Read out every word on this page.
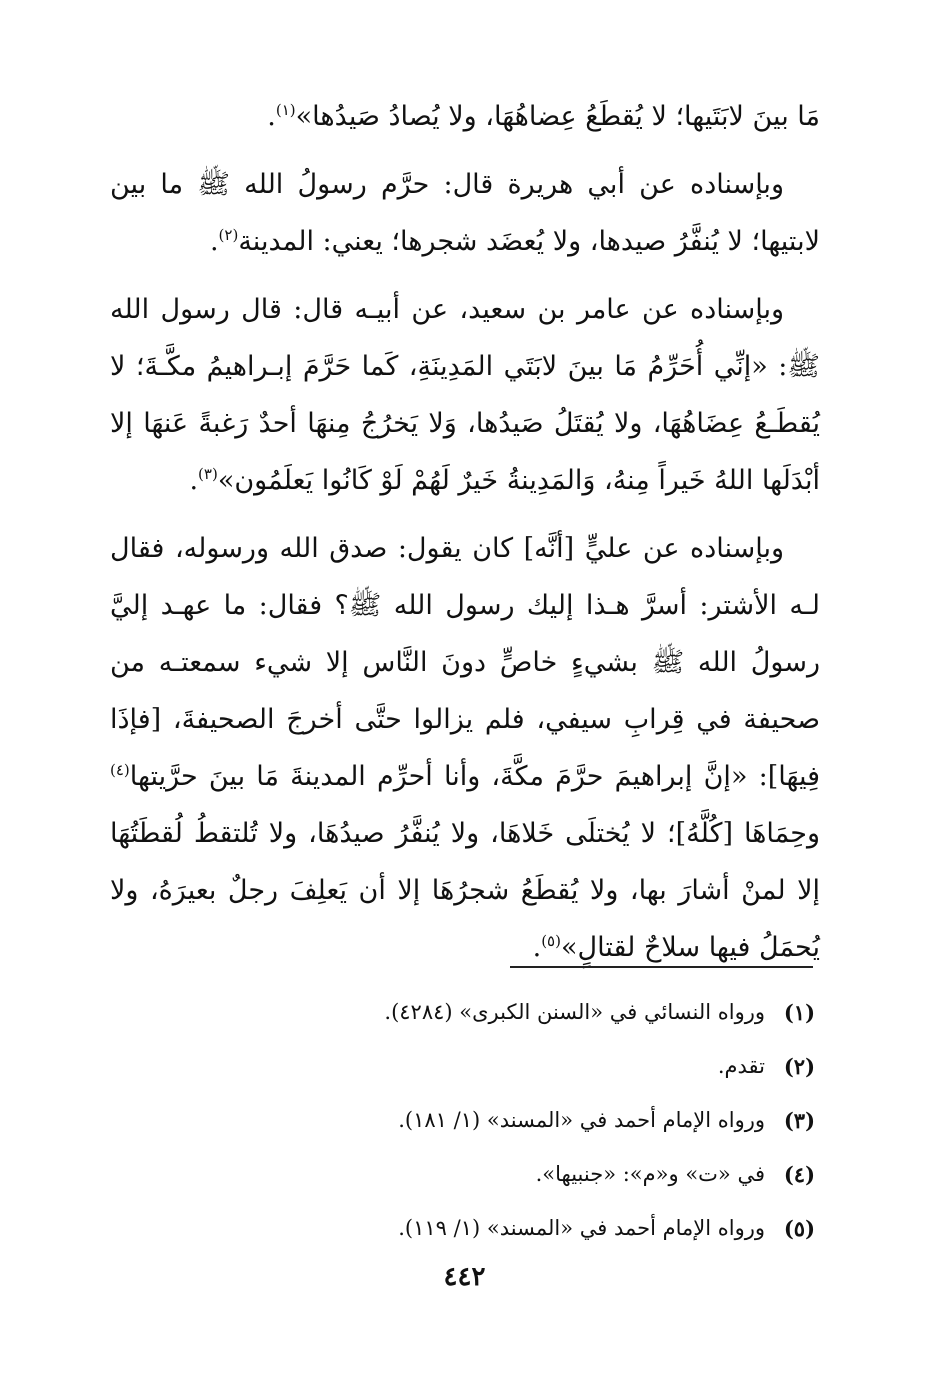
مَا بينَ لابَتَيها؛ لا يُقطَعُ عِضاهُهَا، ولا يُصادُ صَيدُها»$^{(١)}$.

وبإسناده عن أبي هريرة قال: حرَّم رسولُ الله ﷺ ما بين لابتيها؛ لا يُنفَّرُ صيدها، ولا يُعضَد شجرها؛ يعني: المدينة$^{(٢)}$.

وبإسناده عن عامر بن سعيد، عن أبيـه قال: قال رسول الله ﷺ: «إنِّي أُحَرِّمُ مَا بينَ لابَتَي المَدِينَةِ، كَما حَرَّمَ إبـراهيمُ مكَّـةَ؛ لا يُقطَـعُ عِضَاهُهَا، ولا يُقتَلُ صَيدُها، وَلا يَخرُجُ مِنهَا أحدٌ رَغبةً عَنهَا إلا أبْدَلَها اللهُ خَيراً مِنهُ، وَالمَدِينةُ خَيرٌ لَهُمْ لَوْ كَانُوا يَعلَمُون»$^{(٣)}$.

وبإسناده عن عليٍّ [أنَّه] كان يقول: صدق الله ورسوله، فقال لـه الأشتر: أسرَّ هـذا إليك رسول الله ﷺ؟ فقال: ما عهـد إليَّ رسولُ الله ﷺ بشيءٍ خاصٍّ دونَ النَّاس إلا شيء سمعتـه من صحيفة في قِرابِ سيفي، فلم يزالوا حتَّى أخرجَ الصحيفةَ، [فإذَا فِيهَا]: «إنَّ إبراهيمَ حرَّمَ مكَّةَ، وأنا أحرِّم المدينةَ مَا بينَ حرَّيتها$^{(٤)}$ وحِمَاهَا [كُلَّهُ]؛ لا يُختلَى خَلاهَا، ولا يُنفَّرُ صيدُهَا، ولا تُلتقطُ لُقطَتُهَا إلا لمنْ أشارَ بها، ولا يُقطَعُ شجرُهَا إلا أن يَعلِفَ رجلٌ بعيرَهُ، ولا يُحمَلُ فيها سلاحٌ لقتالٍ»$^{(٥)}$.

(١)
ورواه النسائي في «السنن الكبرى» (٤٢٨٤).
(٢)
تقدم.
(٣)
ورواه الإمام أحمد في «المسند» (١/ ١٨١).
(٤)
في «ت» و«م»: «جنبيها».
(٥)
ورواه الإمام أحمد في «المسند» (١/ ١١٩).
٤٤٢
